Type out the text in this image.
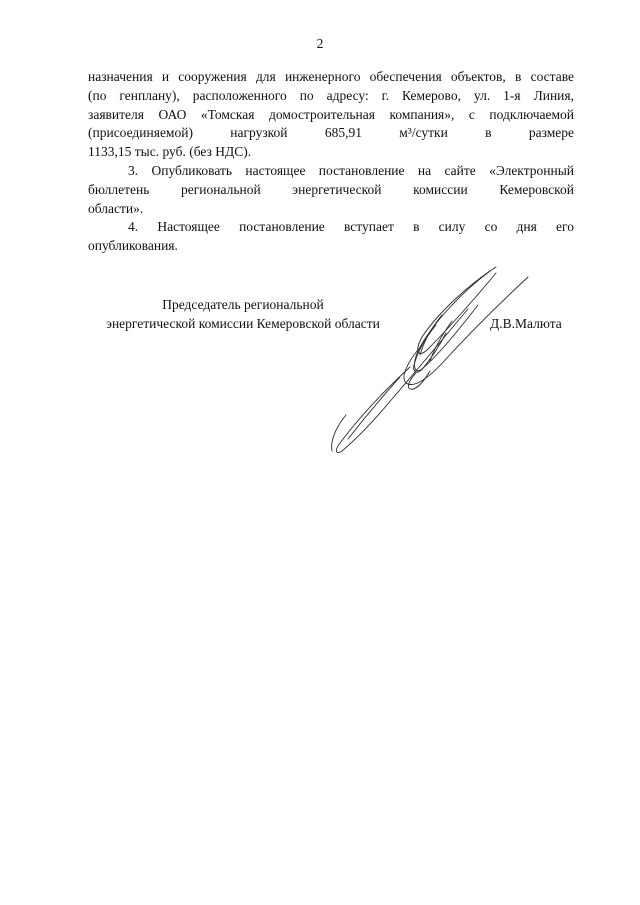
2
назначения и сооружения для инженерного обеспечения объектов, в составе
(по генплану), расположенного по адресу: г. Кемерово, ул. 1-я Линия,
заявителя ОАО «Томская домостроительная компания», с подключаемой
(присоединяемой) нагрузкой 685,91 м³/сутки в размере
1133,15 тыс. руб. (без НДС).
3. Опубликовать настоящее постановление на сайте «Электронный
бюллетень региональной энергетической комиссии Кемеровской
области».
4. Настоящее постановление вступает в силу со дня его
опубликования.
Председатель региональной
энергетической комиссии Кемеровской области	Д.В.Малюта
